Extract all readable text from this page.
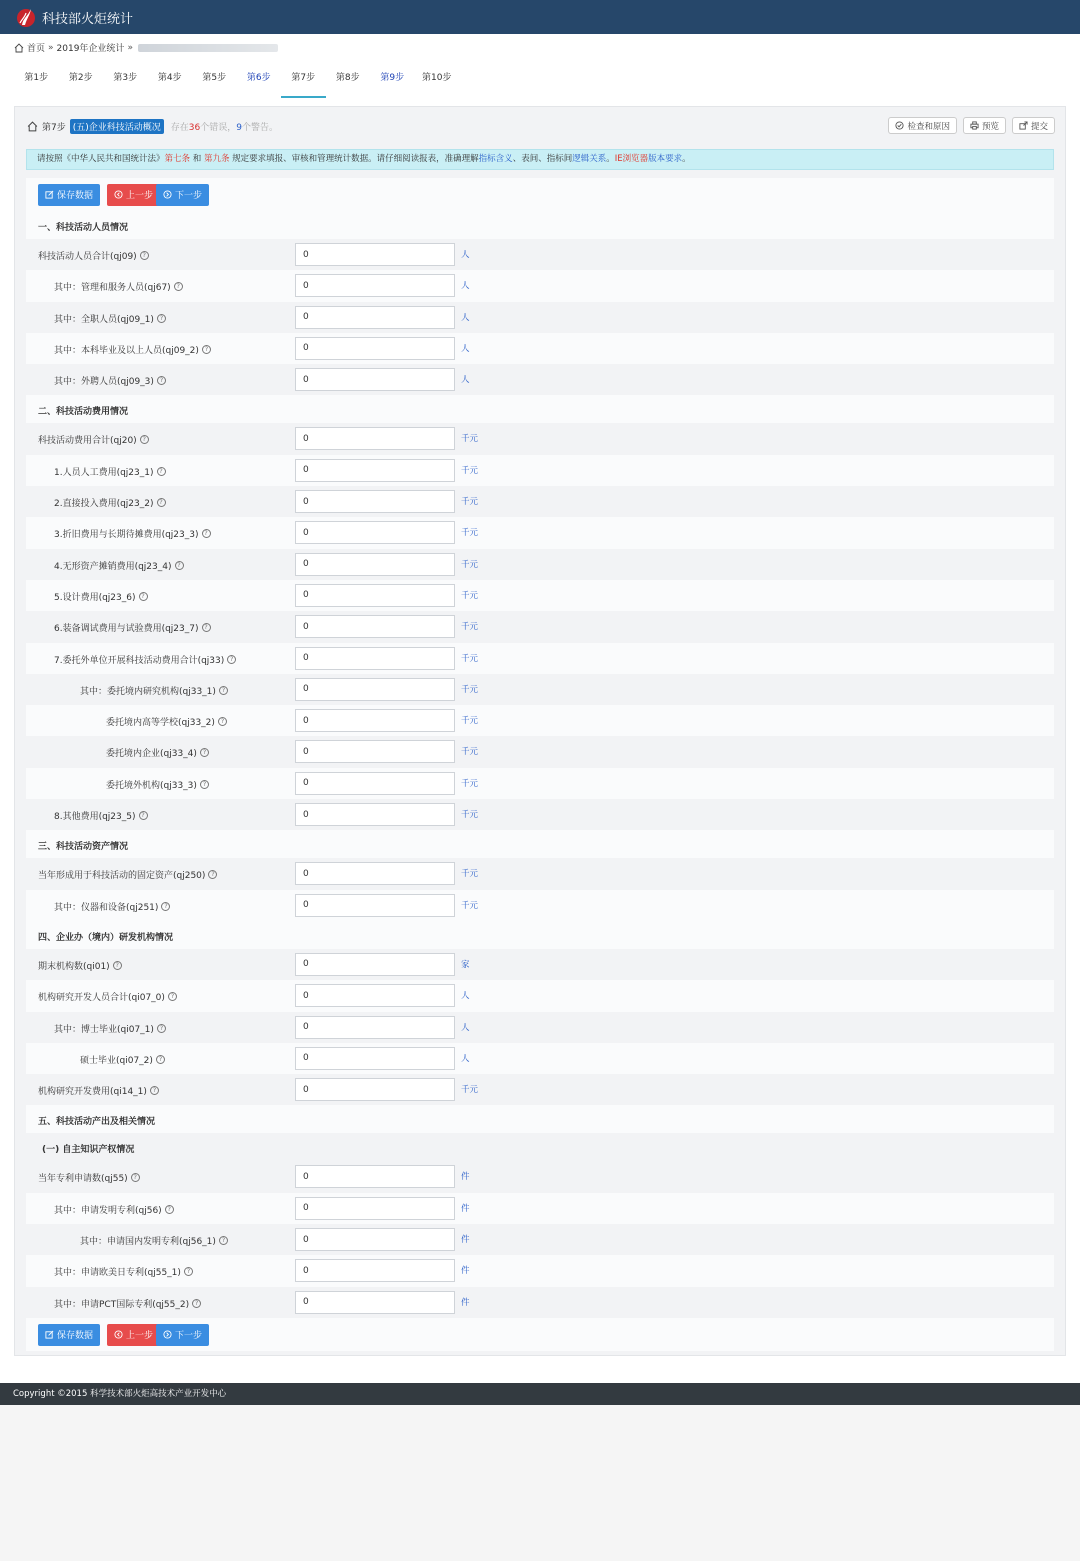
科技部火炬统计
首页 » 2019年企业统计 »
第1步	第2步	第3步	第4步	第5步	第6步	第7步	第8步	第9步	第10步
第7步 (五)企业科技活动概况	存在36个错误，9个警告。	检查和原因	预览	提交
请按照《中华人民共和国统计法》第七条 和 第九条 规定要求填报、审核和管理统计数据。请仔细阅读报表，准确理解指标含义、表间、指标间逻辑关系。IE浏览器版本要求。
保存数据	上一步 下一步
一、科技活动人员情况
科技活动人员合计(qj09) ?
0	人
其中：管理和服务人员(qj67) ?
0	人
其中：全职人员(qj09_1) ?
0	人
其中：本科毕业及以上人员(qj09_2) ?
0	人
其中：外聘人员(qj09_3) ?
0	人
二、科技活动费用情况
科技活动费用合计(qj20) ?
0	千元
1.人员人工费用(qj23_1) ?
0	千元
2.直接投入费用(qj23_2) ?
0	千元
3.折旧费用与长期待摊费用(qj23_3) ?
0	千元
4.无形资产摊销费用(qj23_4) ?
0	千元
5.设计费用(qj23_6) ?
0	千元
6.装备调试费用与试验费用(qj23_7) ?
0	千元
7.委托外单位开展科技活动费用合计(qj33) ?
0	千元
其中：委托境内研究机构(qj33_1) ?
0	千元
委托境内高等学校(qj33_2) ?
0	千元
委托境内企业(qj33_4) ?
0	千元
委托境外机构(qj33_3) ?
0	千元
8.其他费用(qj23_5) ?
0	千元
三、科技活动资产情况
当年形成用于科技活动的固定资产(qj250) ?
0	千元
其中：仪器和设备(qj251) ?
0	千元
四、企业办（境内）研发机构情况
期末机构数(qi01) ?
0	家
机构研究开发人员合计(qi07_0) ?
0	人
其中：博士毕业(qi07_1) ?
0	人
硕士毕业(qi07_2) ?
0	人
机构研究开发费用(qi14_1) ?
0	千元
五、科技活动产出及相关情况
(一) 自主知识产权情况
当年专利申请数(qj55) ?
0	件
其中：申请发明专利(qj56) ?
0	件
其中：申请国内发明专利(qj56_1) ?
0	件
其中：申请欧美日专利(qj55_1) ?
0	件
其中：申请PCT国际专利(qj55_2) ?
0	件
保存数据	上一步 下一步
Copyright ©2015 科学技术部火炬高技术产业开发中心
